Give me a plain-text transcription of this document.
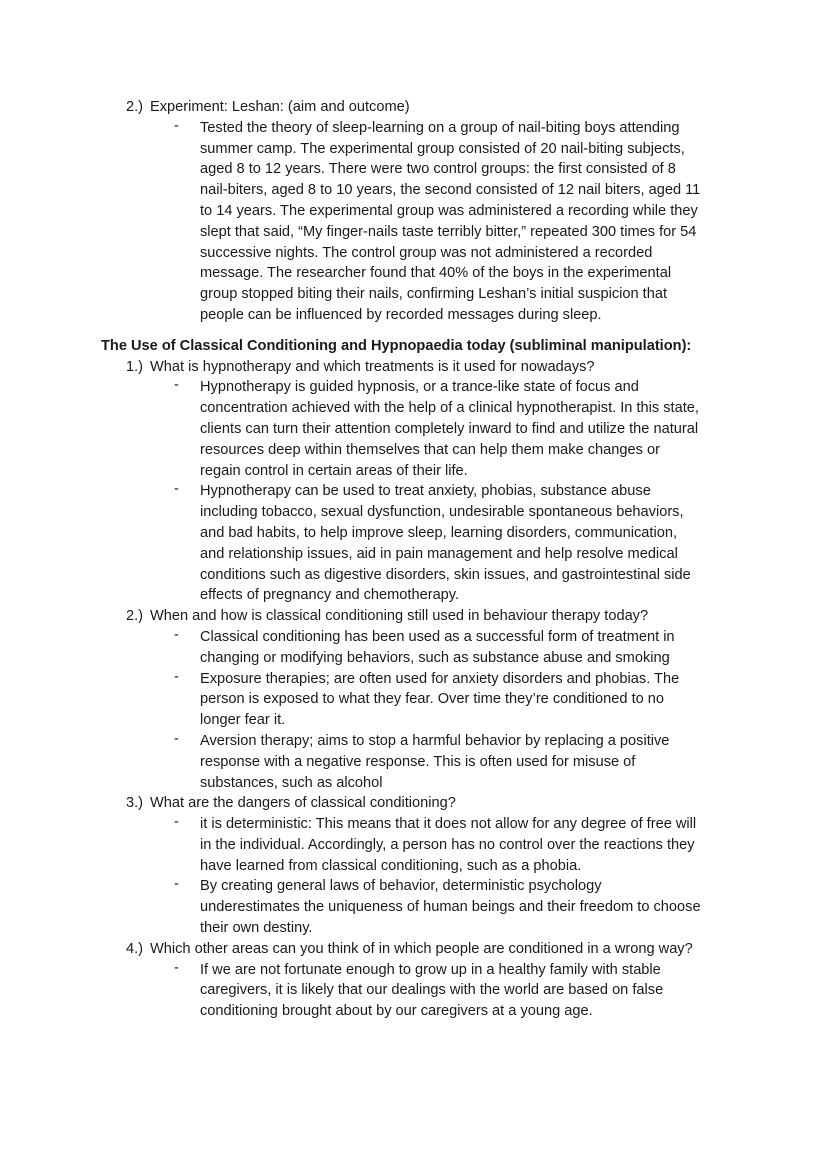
2.) Experiment: Leshan: (aim and outcome)
- Tested the theory of sleep-learning on a group of nail-biting boys attending
summer camp. The experimental group consisted of 20 nail-biting subjects,
aged 8 to 12 years. There were two control groups: the first consisted of 8
nail-biters, aged 8 to 10 years, the second consisted of 12 nail biters, aged 11
to 14 years. The experimental group was administered a recording while they
slept that said, “My finger-nails taste terribly bitter,” repeated 300 times for 54
successive nights. The control group was not administered a recorded
message. The researcher found that 40% of the boys in the experimental
group stopped biting their nails, confirming Leshan’s initial suspicion that
people can be influenced by recorded messages during sleep.
The Use of Classical Conditioning and Hypnopaedia today (subliminal manipulation):
1.) What is hypnotherapy and which treatments is it used for nowadays?
- Hypnotherapy is guided hypnosis, or a trance-like state of focus and
concentration achieved with the help of a clinical hypnotherapist. In this state,
clients can turn their attention completely inward to find and utilize the natural
resources deep within themselves that can help them make changes or
regain control in certain areas of their life.
- Hypnotherapy can be used to treat anxiety, phobias, substance abuse
including tobacco, sexual dysfunction, undesirable spontaneous behaviors,
and bad habits, to help improve sleep, learning disorders, communication,
and relationship issues, aid in pain management and help resolve medical
conditions such as digestive disorders, skin issues, and gastrointestinal side
effects of pregnancy and chemotherapy.
2.) When and how is classical conditioning still used in behaviour therapy today?
- Classical conditioning has been used as a successful form of treatment in
changing or modifying behaviors, such as substance abuse and smoking
- Exposure therapies; are often used for anxiety disorders and phobias. The
person is exposed to what they fear. Over time they’re conditioned to no
longer fear it.
- Aversion therapy; aims to stop a harmful behavior by replacing a positive
response with a negative response. This is often used for misuse of
substances, such as alcohol
3.) What are the dangers of classical conditioning?
- it is deterministic: This means that it does not allow for any degree of free will
in the individual. Accordingly, a person has no control over the reactions they
have learned from classical conditioning, such as a phobia.
- By creating general laws of behavior, deterministic psychology
underestimates the uniqueness of human beings and their freedom to choose
their own destiny.
4.) Which other areas can you think of in which people are conditioned in a wrong way?
- If we are not fortunate enough to grow up in a healthy family with stable
caregivers, it is likely that our dealings with the world are based on false
conditioning brought about by our caregivers at a young age.
